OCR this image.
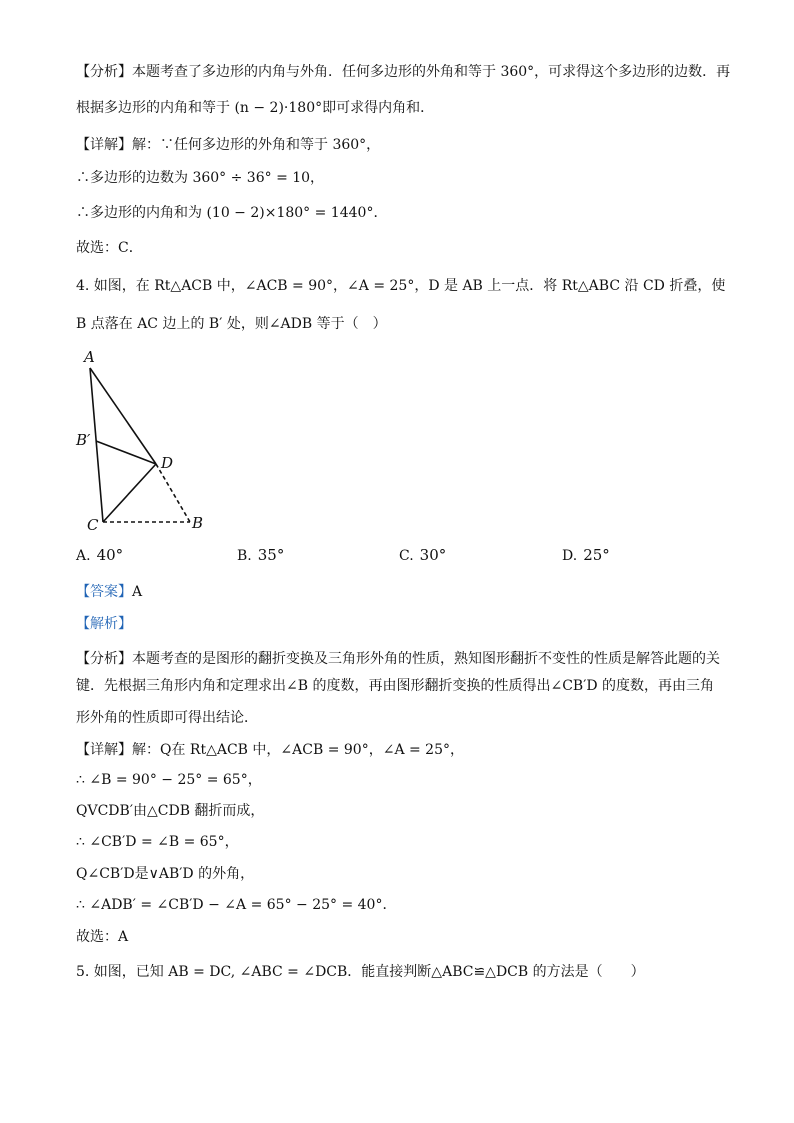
【分析】本题考查了多边形的内角与外角．任何多边形的外角和等于 360°，可求得这个多边形的边数．再
根据多边形的内角和等于 (n − 2)·180°即可求得内角和．
【详解】解：∵任何多边形的外角和等于 360°，
∴多边形的边数为 360° ÷ 36° = 10，
∴多边形的内角和为 (10 − 2)×180° = 1440°．
故选：C．
4. 如图，在 Rt△ACB 中，∠ACB = 90°，∠A = 25°，D 是 AB 上一点．将 Rt△ABC 沿 CD 折叠，使
B 点落在 AC 边上的 B′ 处，则∠ADB 等于（　）
A
B′
D
C	B
A. 40°	B. 35°	C. 30°	D. 25°
【答案】A
【解析】
【分析】本题考查的是图形的翻折变换及三角形外角的性质，熟知图形翻折不变性的性质是解答此题的关
键．先根据三角形内角和定理求出∠B 的度数，再由图形翻折变换的性质得出∠CB′D 的度数，再由三角
形外角的性质即可得出结论．
【详解】解：Q在 Rt△ACB 中，∠ACB = 90°，∠A = 25°，
∴ ∠B = 90° − 25° = 65°，
QVCDB′由△CDB 翻折而成，
∴ ∠CB′D = ∠B = 65°，
Q∠CB′D是∨AB′D 的外角，
∴ ∠ADB′ = ∠CB′D − ∠A = 65° − 25° = 40°．
故选：A
5. 如图，已知 AB = DC, ∠ABC = ∠DCB．能直接判断△ABC≌△DCB 的方法是（　　）
